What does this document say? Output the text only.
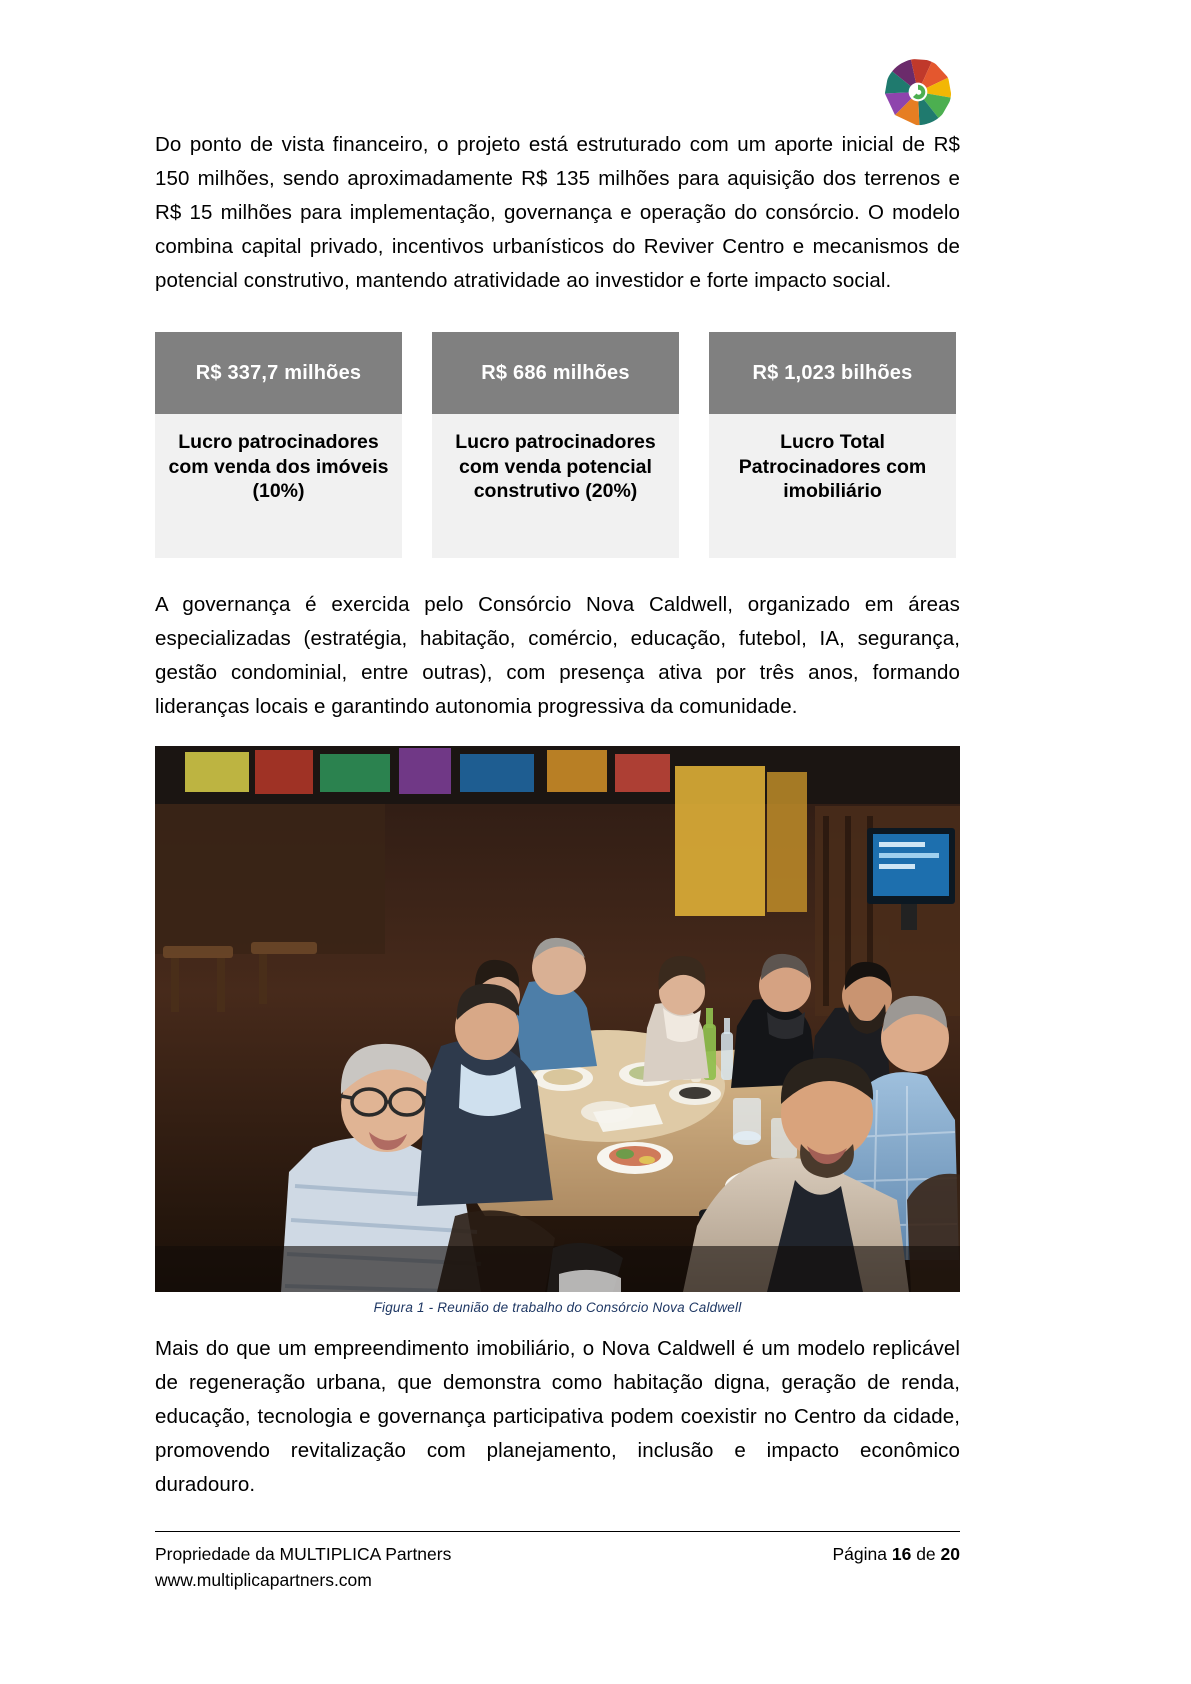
Do ponto de vista financeiro, o projeto está estruturado com um aporte inicial de R$ 150 milhões, sendo aproximadamente R$ 135 milhões para aquisição dos terrenos e R$ 15 milhões para implementação, governança e operação do consórcio. O modelo combina capital privado, incentivos urbanísticos do Reviver Centro e mecanismos de potencial construtivo, mantendo atratividade ao investidor e forte impacto social.

R$ 337,7 milhões
Lucro patrocinadores com venda dos imóveis (10%)
R$ 686 milhões
Lucro patrocinadores com venda potencial construtivo (20%)
R$ 1,023 bilhões
Lucro Total Patrocinadores com imobiliário

A governança é exercida pelo Consórcio Nova Caldwell, organizado em áreas especializadas (estratégia, habitação, comércio, educação, futebol, IA, segurança, gestão condominial, entre outras), com presença ativa por três anos, formando lideranças locais e garantindo autonomia progressiva da comunidade.

Figura 1 - Reunião de trabalho do Consórcio Nova Caldwell

Mais do que um empreendimento imobiliário, o Nova Caldwell é um modelo replicável de regeneração urbana, que demonstra como habitação digna, geração de renda, educação, tecnologia e governança participativa podem coexistir no Centro da cidade, promovendo revitalização com planejamento, inclusão e impacto econômico duradouro.

Propriedade da MULTIPLICA Partners
www.multiplicapartners.com
Página 16 de 20
